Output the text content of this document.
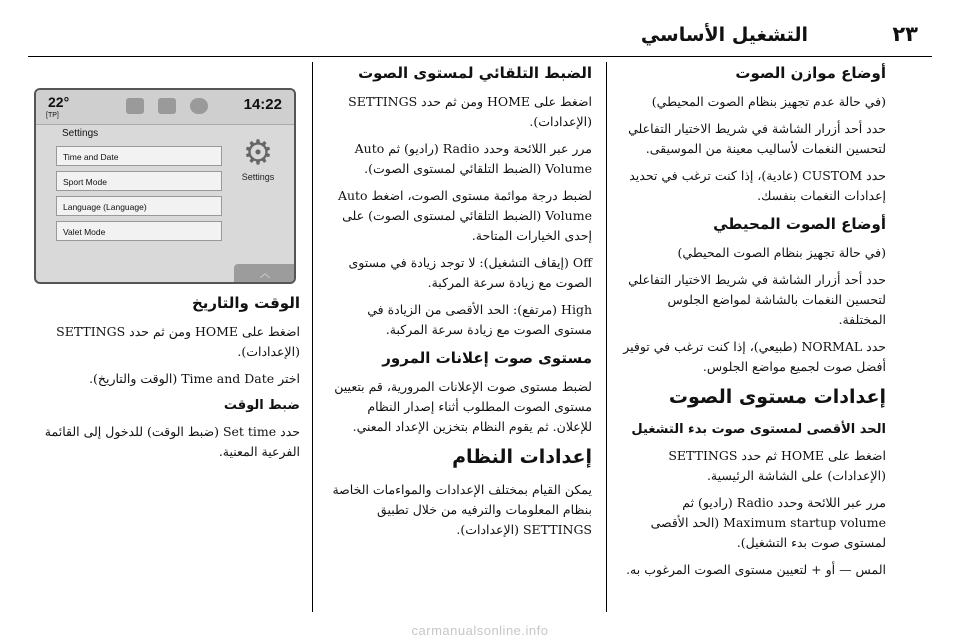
٢٣
التشغيل الأساسي
22°
[TP]
14:22
Settings
Time and Date
Sport Mode
Language (Language)
Valet Mode
⚙
Settings
︿
الوقت والتاريخ

اضغط على HOME ومن ثم حدد SETTINGS (الإعدادات).

اختر Time and Date (الوقت والتاريخ).

ضبط الوقت

حدد Set time (ضبط الوقت) للدخول إلى القائمة الفرعية المعنية.

الضبط التلقائي لمستوى الصوت

اضغط على HOME ومن ثم حدد SETTINGS (الإعدادات).

مرر عبر اللائحة وحدد Radio (راديو) ثم Auto Volume (الضبط التلقائي لمستوى الصوت).

لضبط درجة موائمة مستوى الصوت، اضغط Auto Volume (الضبط التلقائي لمستوى الصوت) على إحدى الخيارات المتاحة.

Off (إيقاف التشغيل): لا توجد زيادة في مستوى الصوت مع زيادة سرعة المركبة.

High (مرتفع): الحد الأقصى من الزيادة في مستوى الصوت مع زيادة سرعة المركبة.

مستوى صوت إعلانات المرور

لضبط مستوى صوت الإعلانات المرورية، قم بتعيين مستوى الصوت المطلوب أثناء إصدار النظام للإعلان. ثم يقوم النظام بتخزين الإعداد المعني.

إعدادات النظام

يمكن القيام بمختلف الإعدادات والمواءمات الخاصة بنظام المعلومات والترفيه من خلال تطبيق SETTINGS (الإعدادات).

أوضاع موازن الصوت

(في حالة عدم تجهيز بنظام الصوت المحيطي)

حدد أحد أزرار الشاشة في شريط الاختيار التفاعلي لتحسين النغمات لأساليب معينة من الموسيقى.

حدد CUSTOM (عادية)، إذا كنت ترغب في تحديد إعدادات النغمات بنفسك.

أوضاع الصوت المحيطي

(في حالة تجهيز بنظام الصوت المحيطي)

حدد أحد أزرار الشاشة في شريط الاختيار التفاعلي لتحسين النغمات بالشاشة لمواضع الجلوس المختلفة.

حدد NORMAL (طبيعي)، إذا كنت ترغب في توفير أفضل صوت لجميع مواضع الجلوس.

إعدادات مستوى الصوت
الحد الأقصى لمستوى صوت بدء التشغيل

اضغط على HOME ثم حدد SETTINGS (الإعدادات) على الشاشة الرئيسية.

مرر عبر اللائحة وحدد Radio (راديو) ثم Maximum startup volume (الحد الأقصى لمستوى صوت بدء التشغيل).

المس — أو + لتعيين مستوى الصوت المرغوب به.

carmanualsonline.info
